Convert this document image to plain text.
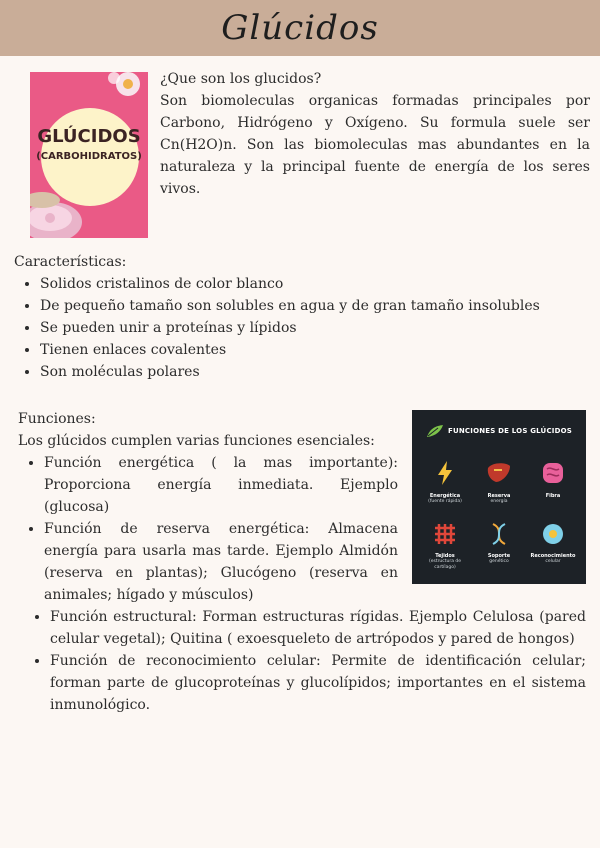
Glúcidos
GLÚCIDOS
(CARBOHIDRATOS)

¿Que son los glucidos?

Son biomoleculas organicas formadas principales por Carbono, Hidrógeno y Oxígeno. Su formula suele ser Cn(H2O)n. Son las biomoleculas mas abundantes en la naturaleza y la principal fuente de energía de los seres vivos.

Características:

• Solidos cristalinos de color blanco
• De pequeño tamaño son solubles en agua y de gran tamaño insolubles
• Se pueden unir a proteínas y lípidos
• Tienen enlaces covalentes
• Son moléculas polares

Funciones:

Los glúcidos cumplen varias funciones esenciales:

• Función energética ( la mas importante): Proporciona energía inmediata. Ejemplo (glucosa)
• Función de reserva energética: Almacena energía para usarla mas tarde. Ejemplo Almidón (reserva en plantas); Glucógeno (reserva en animales; hígado y músculos)
• Función estructural: Forman estructuras rígidas. Ejemplo Celulosa (pared celular vegetal); Quitina ( exoesqueleto de artrópodos y pared de hongos)
• Función de reconocimiento celular: Permite de identificación celular; forman parte de glucoproteínas y glucolípidos; importantes en el sistema inmunológico.
FUNCIONES DE LOS GLÚCIDOS
Energética
(fuente rápida)
Reserva
energía
Fibra
Tejidos
(estructura de cartílago)
Soporte
genético
Reconocimiento
celular
